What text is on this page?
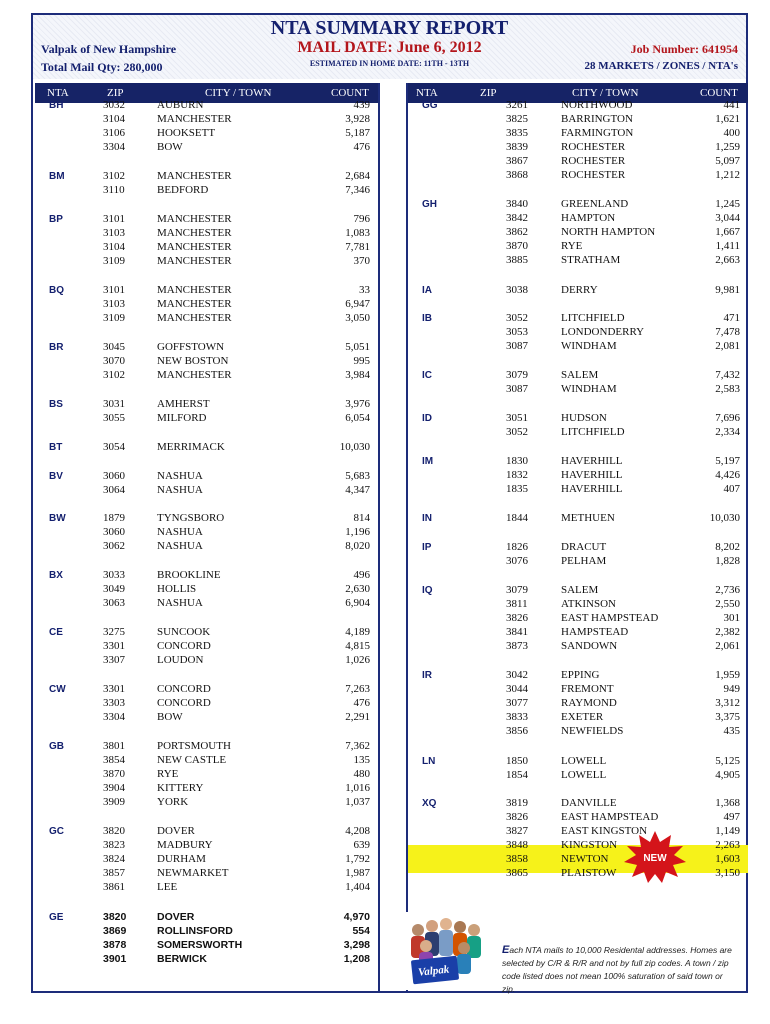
NTA SUMMARY REPORT
MAIL DATE: June 6, 2012
ESTIMATED IN HOME DATE: 11TH - 13TH
Valpak of New Hampshire
Total Mail Qty: 280,000
Job Number: 641954
28 MARKETS / ZONES / NTA's
NTA	ZIP	CITY / TOWN	COUNT
BH	3032	AUBURN	439
3104	MANCHESTER	3,928
3106	HOOKSETT	5,187
3304	BOW	476
BM	3102	MANCHESTER	2,684
3110	BEDFORD	7,346
BP	3101	MANCHESTER	796
3103	MANCHESTER	1,083
3104	MANCHESTER	7,781
3109	MANCHESTER	370
BQ	3101	MANCHESTER	33
3103	MANCHESTER	6,947
3109	MANCHESTER	3,050
BR	3045	GOFFSTOWN	5,051
3070	NEW BOSTON	995
3102	MANCHESTER	3,984
BS	3031	AMHERST	3,976
3055	MILFORD	6,054
BT	3054	MERRIMACK	10,030
BV	3060	NASHUA	5,683
3064	NASHUA	4,347
BW	1879	TYNGSBORO	814
3060	NASHUA	1,196
3062	NASHUA	8,020
BX	3033	BROOKLINE	496
3049	HOLLIS	2,630
3063	NASHUA	6,904
CE	3275	SUNCOOK	4,189
3301	CONCORD	4,815
3307	LOUDON	1,026
CW	3301	CONCORD	7,263
3303	CONCORD	476
3304	BOW	2,291
GB	3801	PORTSMOUTH	7,362
3854	NEW CASTLE	135
3870	RYE	480
3904	KITTERY	1,016
3909	YORK	1,037
GC	3820	DOVER	4,208
3823	MADBURY	639
3824	DURHAM	1,792
3857	NEWMARKET	1,987
3861	LEE	1,404
GE	3820	DOVER	4,970
3869	ROLLINSFORD	554
3878	SOMERSWORTH	3,298
3901	BERWICK	1,208
NTA	ZIP	CITY / TOWN	COUNT
NEW
GG	3261	NORTHWOOD	441
3825	BARRINGTON	1,621
3835	FARMINGTON	400
3839	ROCHESTER	1,259
3867	ROCHESTER	5,097
3868	ROCHESTER	1,212
GH	3840	GREENLAND	1,245
3842	HAMPTON	3,044
3862	NORTH HAMPTON	1,667
3870	RYE	1,411
3885	STRATHAM	2,663
IA	3038	DERRY	9,981
IB	3052	LITCHFIELD	471
3053	LONDONDERRY	7,478
3087	WINDHAM	2,081
IC	3079	SALEM	7,432
3087	WINDHAM	2,583
ID	3051	HUDSON	7,696
3052	LITCHFIELD	2,334
IM	1830	HAVERHILL	5,197
1832	HAVERHILL	4,426
1835	HAVERHILL	407
IN	1844	METHUEN	10,030
IP	1826	DRACUT	8,202
3076	PELHAM	1,828
IQ	3079	SALEM	2,736
3811	ATKINSON	2,550
3826	EAST HAMPSTEAD	301
3841	HAMPSTEAD	2,382
3873	SANDOWN	2,061
IR	3042	EPPING	1,959
3044	FREMONT	949
3077	RAYMOND	3,312
3833	EXETER	3,375
3856	NEWFIELDS	435
LN	1850	LOWELL	5,125
1854	LOWELL	4,905
XQ	3819	DANVILLE	1,368
3826	EAST HAMPSTEAD	497
3827	EAST KINGSTON	1,149
3848	KINGSTON	2,263
3858	NEWTON	1,603
3865	PLAISTOW	3,150
Valpak
Each NTA mails to 10,000 Residental addresses. Homes are selected by C/R & R/R and not by full zip codes. A town / zip code listed does not mean 100% saturation of said town or zip.
